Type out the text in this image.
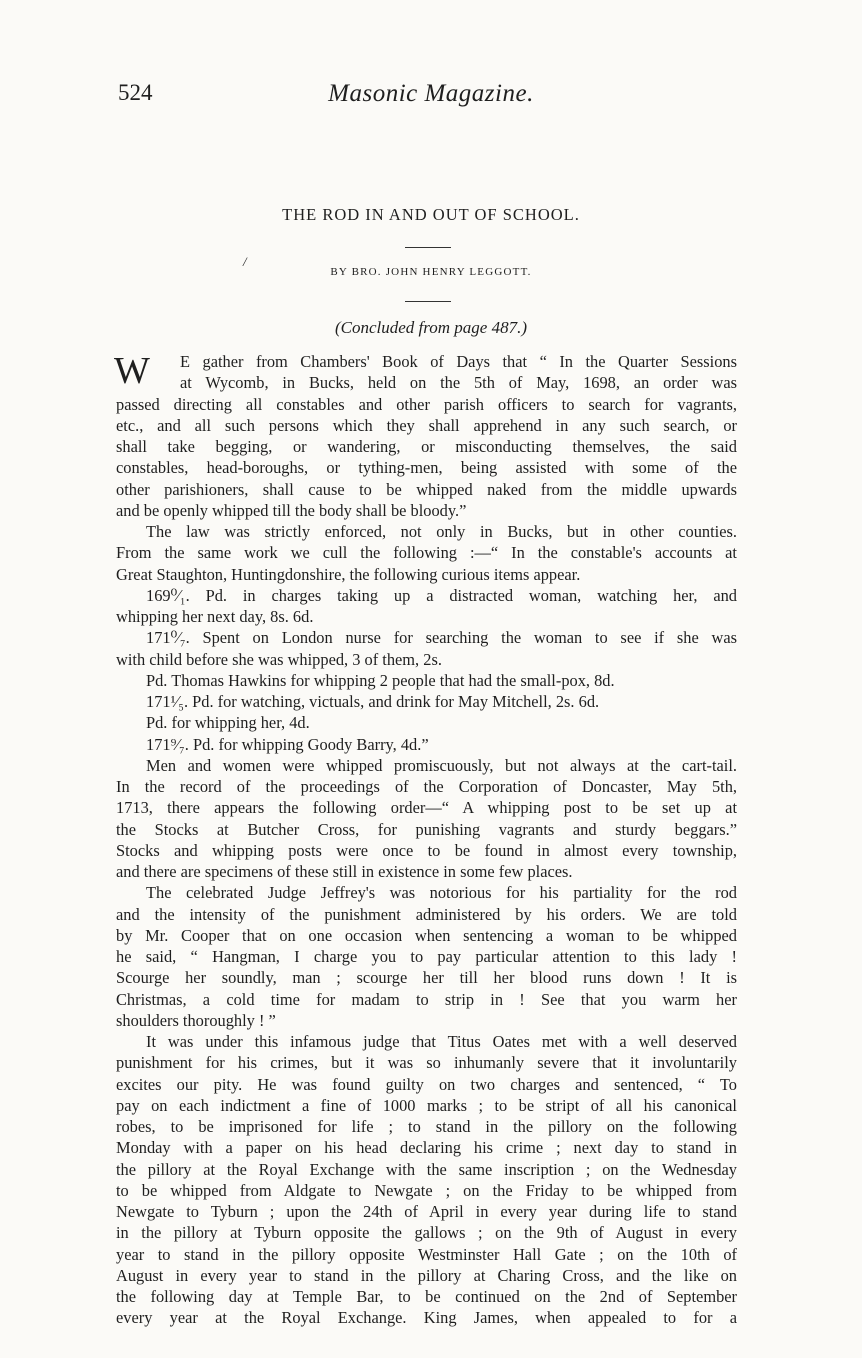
524	Masonic Magazine.
THE ROD IN AND OUT OF SCHOOL.
/
BY BRO. JOHN HENRY LEGGOTT.
(Concluded from page 487.)
W	E gather from Chambers' Book of Days that “ In the Quarter Sessions
at Wycomb, in Bucks, held on the 5th of May, 1698, an order was
passed directing all constables and other parish officers to search for vagrants,
etc., and all such persons which they shall apprehend in any such search, or
shall take begging, or wandering, or misconducting themselves, the said
constables, head-boroughs, or tything-men, being assisted with some of the
other parishioners, shall cause to be whipped naked from the middle upwards
and be openly whipped till the body shall be bloody.”
The law was strictly enforced, not only in Bucks, but in other counties.
From the same work we cull the following :—“ In the constable's accounts at
Great Staughton, Huntingdonshire, the following curious items appear.
169⁰⁄₁. Pd. in charges taking up a distracted woman, watching her, and
whipping her next day, 8s. 6d.
171⁰⁄₇. Spent on London nurse for searching the woman to see if she was
with child before she was whipped, 3 of them, 2s.
Pd. Thomas Hawkins for whipping 2 people that had the small-pox, 8d.
171¹⁄₅. Pd. for watching, victuals, and drink for May Mitchell, 2s. 6d.
Pd. for whipping her, 4d.
171⁹⁄₇. Pd. for whipping Goody Barry, 4d.”
Men and women were whipped promiscuously, but not always at the cart-tail.
In the record of the proceedings of the Corporation of Doncaster, May 5th,
1713, there appears the following order—“ A whipping post to be set up at
the Stocks at Butcher Cross, for punishing vagrants and sturdy beggars.”
Stocks and whipping posts were once to be found in almost every township,
and there are specimens of these still in existence in some few places.
The celebrated Judge Jeffrey's was notorious for his partiality for the rod
and the intensity of the punishment administered by his orders. We are told
by Mr. Cooper that on one occasion when sentencing a woman to be whipped
he said, “ Hangman, I charge you to pay particular attention to this lady !
Scourge her soundly, man ; scourge her till her blood runs down ! It is
Christmas, a cold time for madam to strip in ! See that you warm her
shoulders thoroughly ! ”
It was under this infamous judge that Titus Oates met with a well deserved
punishment for his crimes, but it was so inhumanly severe that it involuntarily
excites our pity. He was found guilty on two charges and sentenced, “ To
pay on each indictment a fine of 1000 marks ; to be stript of all his canonical
robes, to be imprisoned for life ; to stand in the pillory on the following
Monday with a paper on his head declaring his crime ; next day to stand in
the pillory at the Royal Exchange with the same inscription ; on the Wednesday
to be whipped from Aldgate to Newgate ; on the Friday to be whipped from
Newgate to Tyburn ; upon the 24th of April in every year during life to stand
in the pillory at Tyburn opposite the gallows ; on the 9th of August in every
year to stand in the pillory opposite Westminster Hall Gate ; on the 10th of
August in every year to stand in the pillory at Charing Cross, and the like on
the following day at Temple Bar, to be continued on the 2nd of September
every year at the Royal Exchange. King James, when appealed to for a
